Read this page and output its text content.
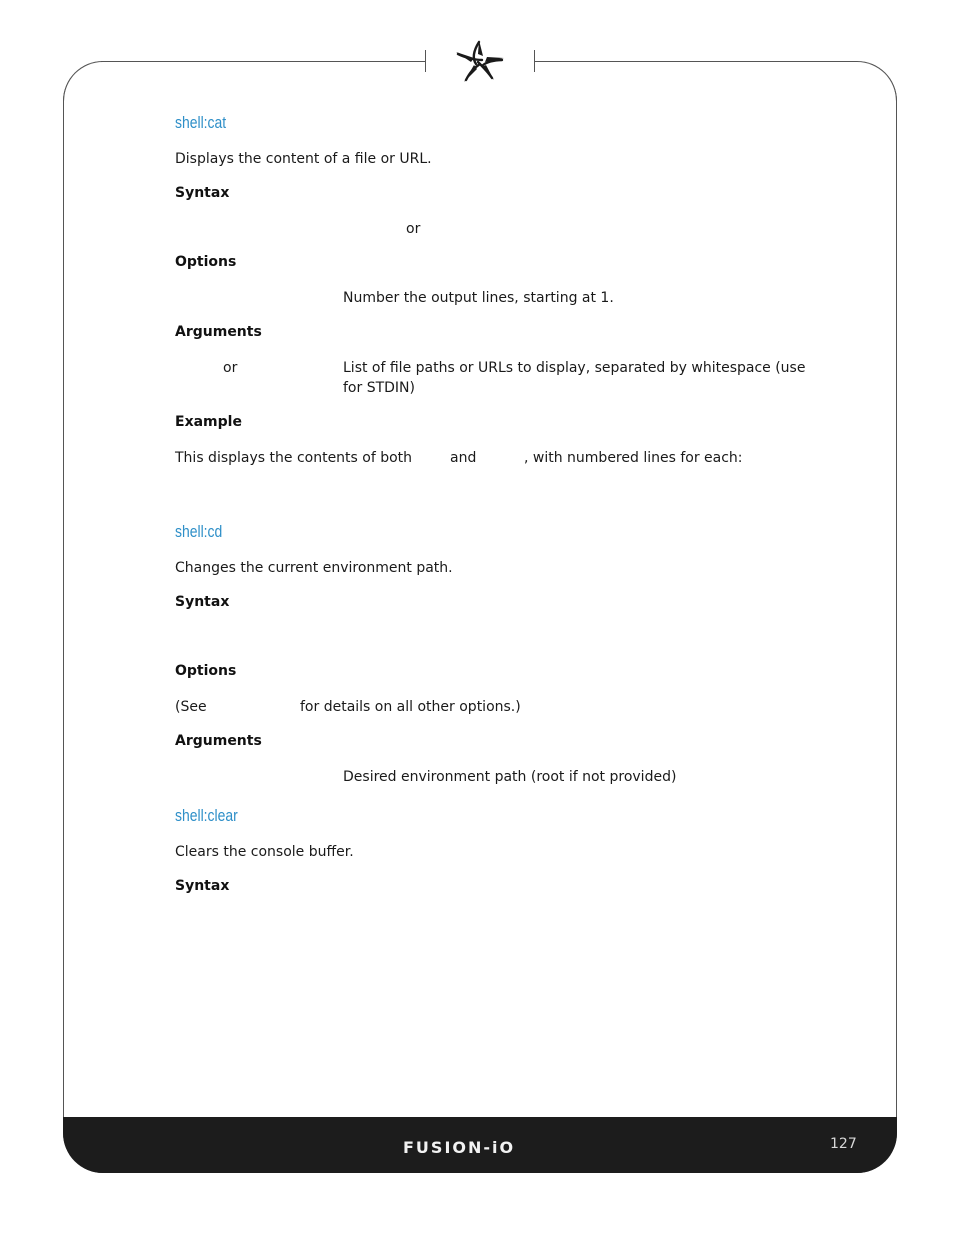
shell:cat
Displays the content of a file or URL.
Syntax
or
Options
Number the output lines, starting at 1.
Arguments
or	List of file paths or URLs to display, separated by whitespace (use for STDIN)
Example
This displays the contents of both	and	, with numbered lines for each:
shell:cd
Changes the current environment path.
Syntax
Options
(See	for details on all other options.)
Arguments
Desired environment path (root if not provided)
shell:clear
Clears the console buffer.
Syntax
FUSION-iO	127
